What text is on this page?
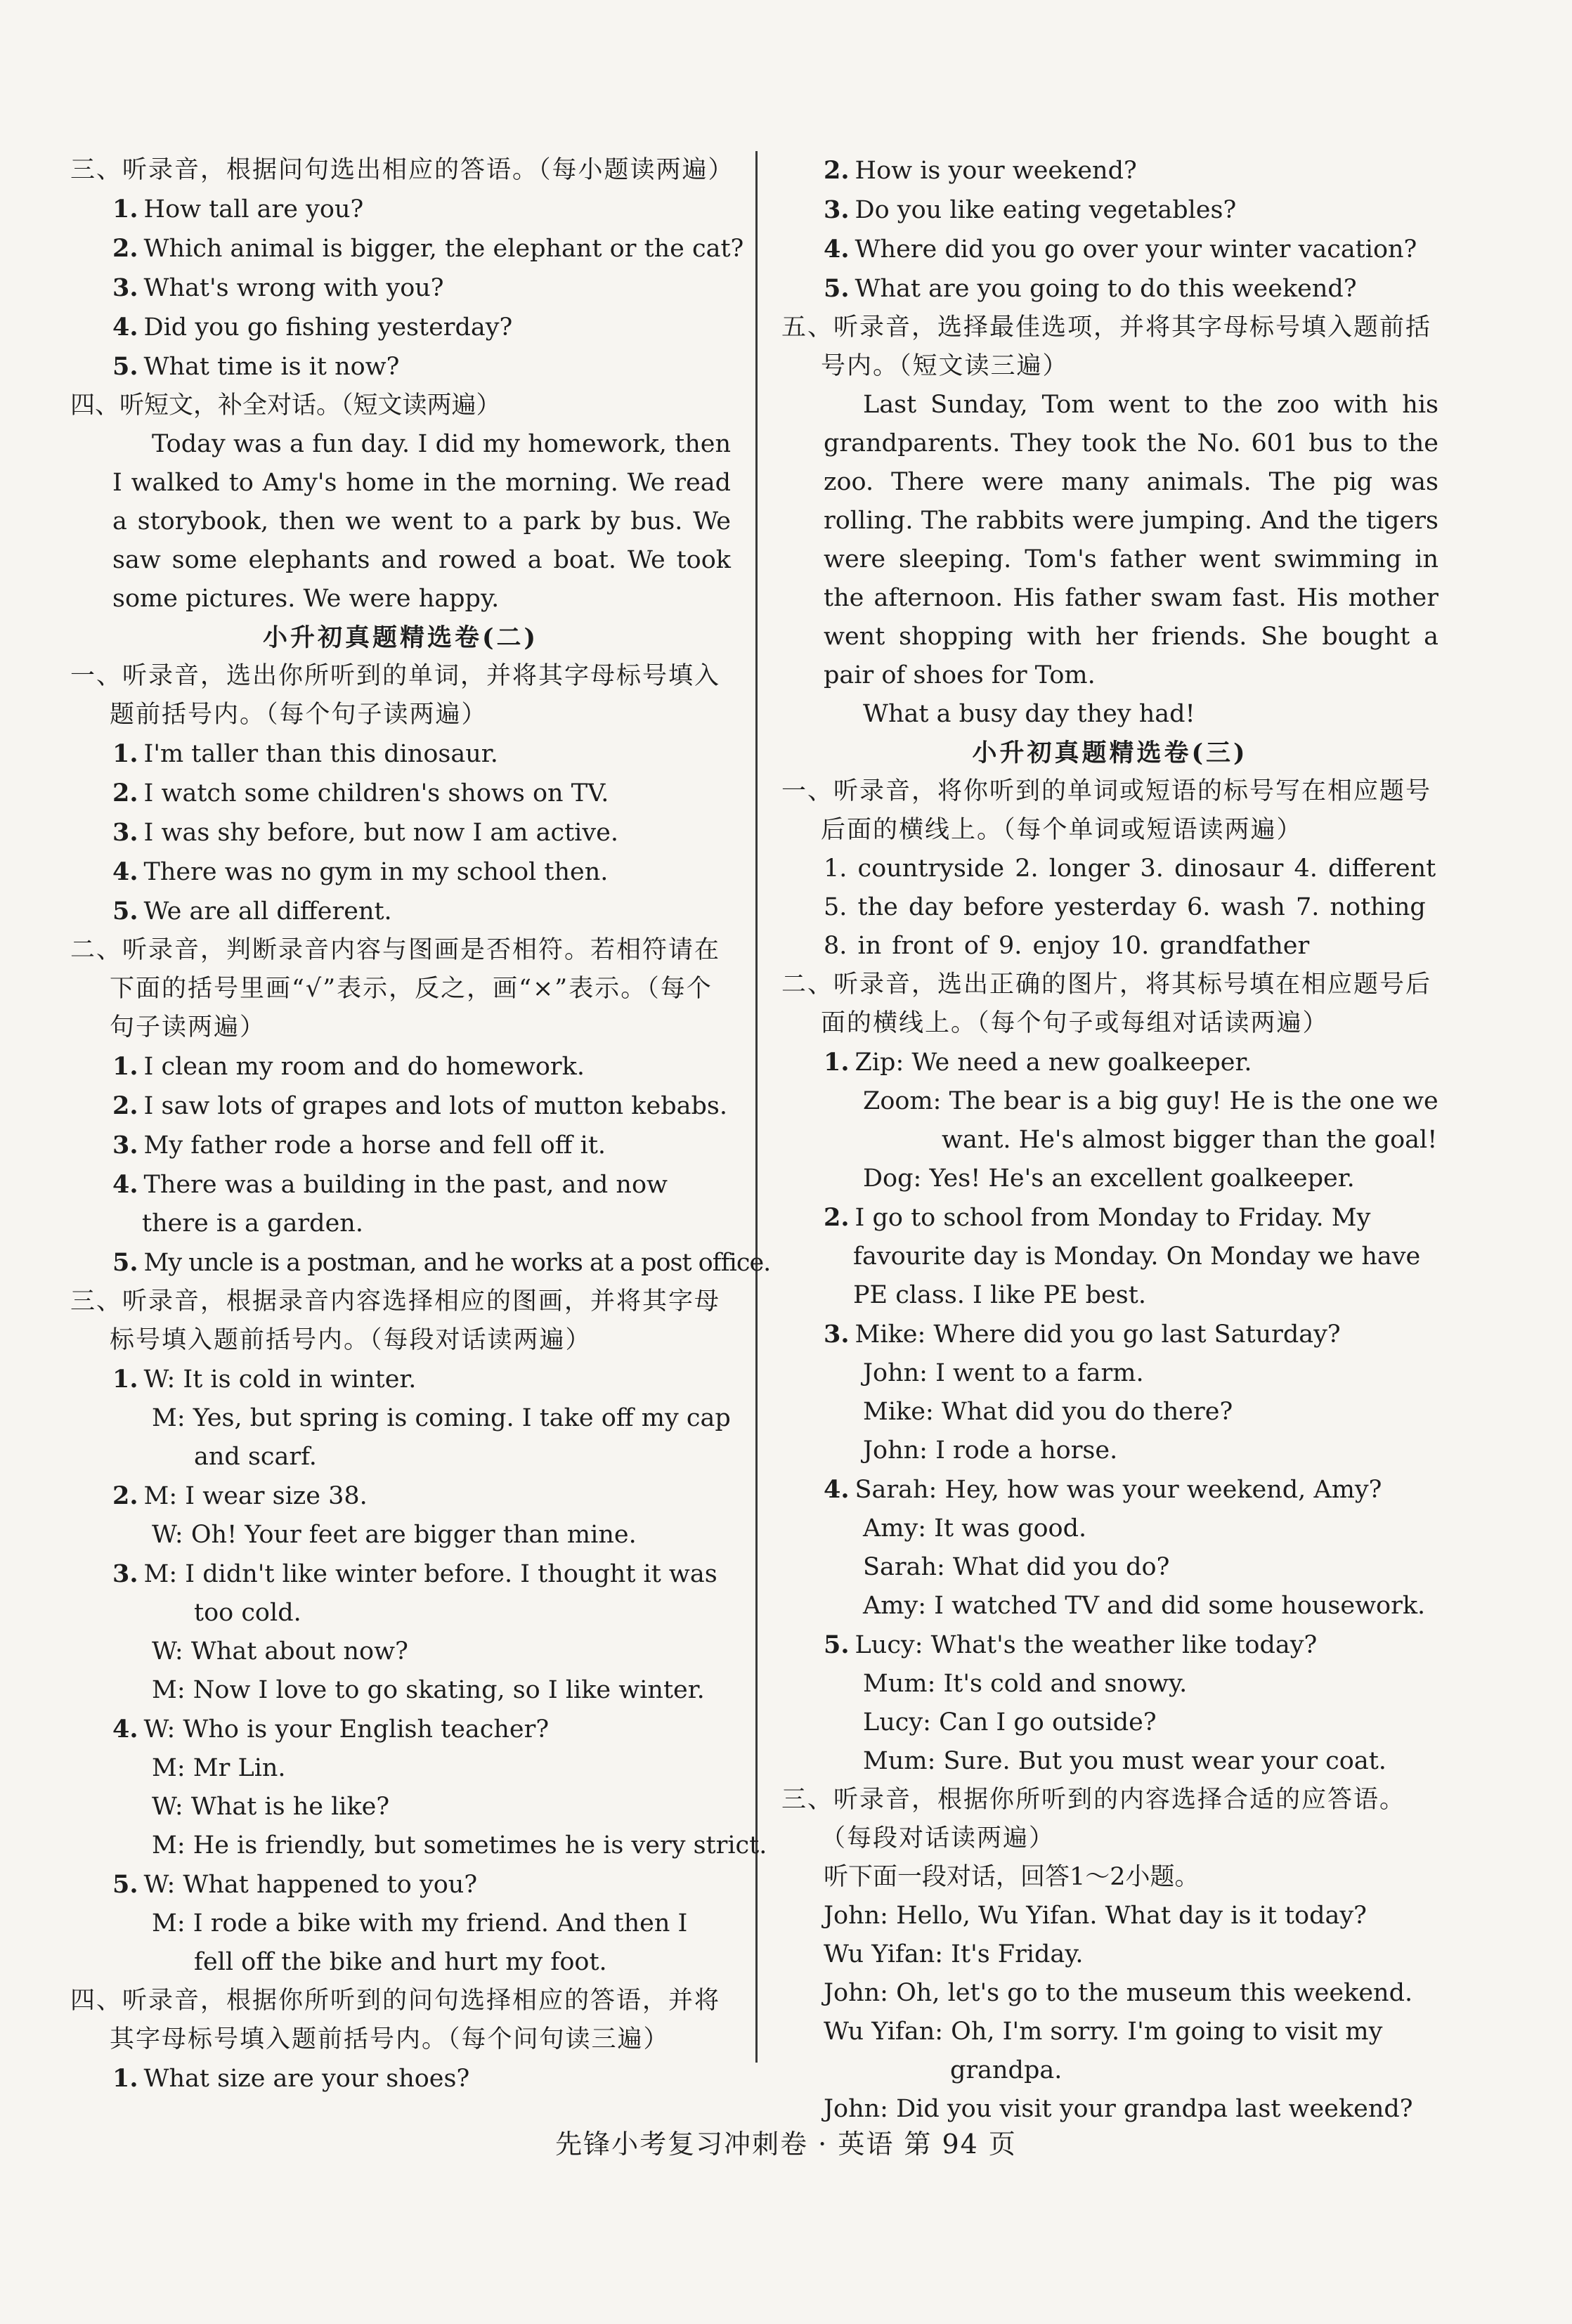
三、听录音，根据问句选出相应的答语。（每小题读两遍）
1. How tall are you?
2. Which animal is bigger, the elephant or the cat?
3. What's wrong with you?
4. Did you go fishing yesterday?
5. What time is it now?
四、听短文，补全对话。（短文读两遍）
Today was a fun day. I did my homework, then I walked to Amy's home in the morning. We read a storybook, then we went to a park by bus. We saw some elephants and rowed a boat. We took some pictures. We were happy.
小升初真题精选卷(二)
一、听录音，选出你所听到的单词，并将其字母标号填入题前括号内。（每个句子读两遍）
1. I'm taller than this dinosaur.
2. I watch some children's shows on TV.
3. I was shy before, but now I am active.
4. There was no gym in my school then.
5. We are all different.
二、听录音，判断录音内容与图画是否相符。若相符请在下面的括号里画“√”表示，反之，画“×”表示。（每个句子读两遍）
1. I clean my room and do homework.
2. I saw lots of grapes and lots of mutton kebabs.
3. My father rode a horse and fell off it.
4. There was a building in the past, and now there is a garden.
5. My uncle is a postman, and he works at a post office.
三、听录音，根据录音内容选择相应的图画，并将其字母标号填入题前括号内。（每段对话读两遍）
1. W: It is cold in winter.
M: Yes, but spring is coming. I take off my cap and scarf.
2. M: I wear size 38.
W: Oh! Your feet are bigger than mine.
3. M: I didn't like winter before. I thought it was too cold.
W: What about now?
M: Now I love to go skating, so I like winter.
4. W: Who is your English teacher?
M: Mr Lin.
W: What is he like?
M: He is friendly, but sometimes he is very strict.
5. W: What happened to you?
M: I rode a bike with my friend. And then I fell off the bike and hurt my foot.
四、听录音，根据你所听到的问句选择相应的答语，并将其字母标号填入题前括号内。（每个问句读三遍）
1. What size are your shoes?
2. How is your weekend?
3. Do you like eating vegetables?
4. Where did you go over your winter vacation?
5. What are you going to do this weekend?
五、听录音，选择最佳选项，并将其字母标号填入题前括号内。（短文读三遍）
Last Sunday, Tom went to the zoo with his grandparents. They took the No. 601 bus to the zoo. There were many animals. The pig was rolling. The rabbits were jumping. And the tigers were sleeping. Tom's father went swimming in the afternoon. His father swam fast. His mother went shopping with her friends. She bought a pair of shoes for Tom.
What a busy day they had!
小升初真题精选卷(三)
一、听录音，将你听到的单词或短语的标号写在相应题号后面的横线上。（每个单词或短语读两遍）
1. countryside 2. longer 3. dinosaur 4. different
5. the day before yesterday 6. wash 7. nothing
8. in front of 9. enjoy 10. grandfather
二、听录音，选出正确的图片，将其标号填在相应题号后面的横线上。（每个句子或每组对话读两遍）
1. Zip: We need a new goalkeeper.
Zoom: The bear is a big guy! He is the one we want. He's almost bigger than the goal!
Dog: Yes! He's an excellent goalkeeper.
2. I go to school from Monday to Friday. My favourite day is Monday. On Monday we have PE class. I like PE best.
3. Mike: Where did you go last Saturday?
John: I went to a farm.
Mike: What did you do there?
John: I rode a horse.
4. Sarah: Hey, how was your weekend, Amy?
Amy: It was good.
Sarah: What did you do?
Amy: I watched TV and did some housework.
5. Lucy: What's the weather like today?
Mum: It's cold and snowy.
Lucy: Can I go outside?
Mum: Sure. But you must wear your coat.
三、听录音，根据你所听到的内容选择合适的应答语。（每段对话读两遍）
听下面一段对话，回答1～2小题。
John: Hello, Wu Yifan. What day is it today?
Wu Yifan: It's Friday.
John: Oh, let's go to the museum this weekend.
Wu Yifan: Oh, I'm sorry. I'm going to visit my grandpa.
John: Did you visit your grandpa last weekend?
先锋小考复习冲刺卷 · 英语 第 94 页
